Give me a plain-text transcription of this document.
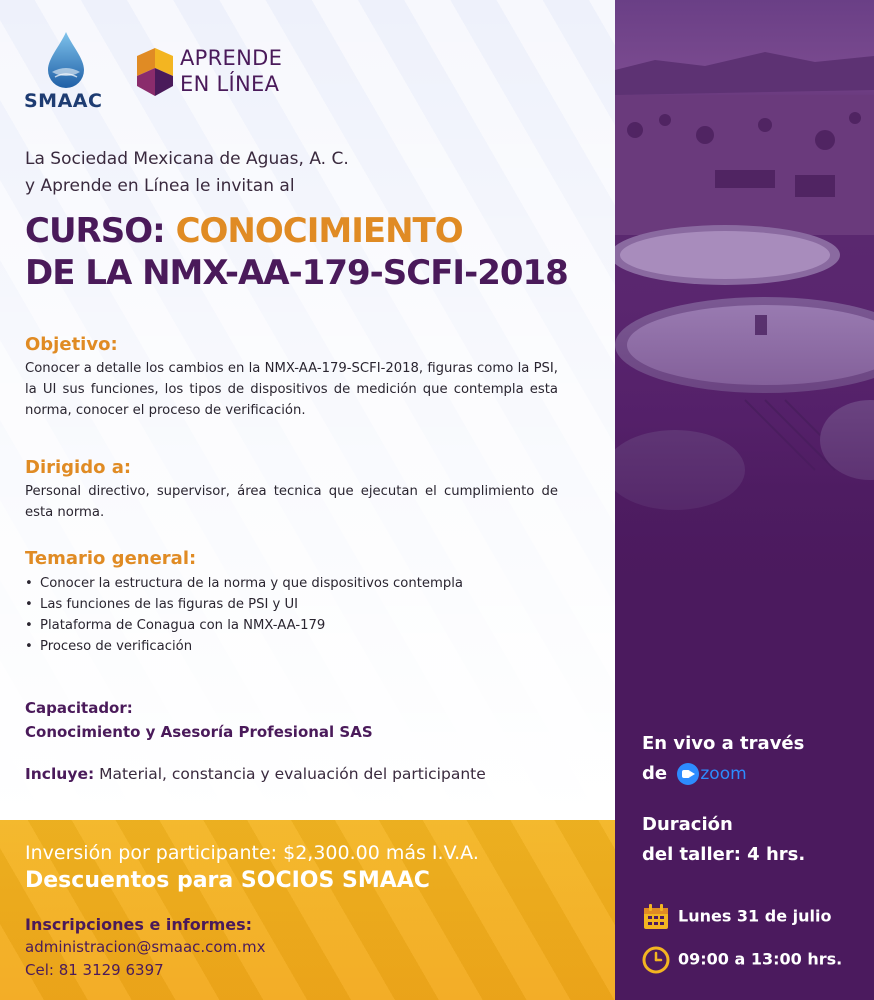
SMAAC
APRENDE
EN LÍNEA
La Sociedad Mexicana de Aguas, A. C.
y Aprende en Línea le invitan al
CURSO: CONOCIMIENTO
DE LA NMX-AA-179-SCFI-2018
Objetivo:
Conocer a detalle los cambios en la NMX-AA-179-SCFI-2018, figuras como la PSI, la UI sus funciones, los tipos de dispositivos de medición que contempla esta norma, conocer el proceso de verificación.
Dirigido a:
Personal directivo, supervisor, área tecnica que ejecutan el cumplimiento de esta norma.
Temario general:
• Conocer la estructura de la norma y que dispositivos contempla
• Las funciones de las figuras de PSI y UI
• Plataforma de Conagua con la NMX-AA-179
• Proceso de verificación
Capacitador:
Conocimiento y Asesoría Profesional SAS
Incluye: Material, constancia y evaluación del participante
Inversión por participante: $2,300.00 más I.V.A.
Descuentos para SOCIOS SMAAC
Inscripciones e informes:
administracion@smaac.com.mx
Cel: 81 3129 6397
En vivo a través
de zoom
Duración
del taller: 4 hrs.
Lunes 31 de julio
09:00 a 13:00 hrs.
